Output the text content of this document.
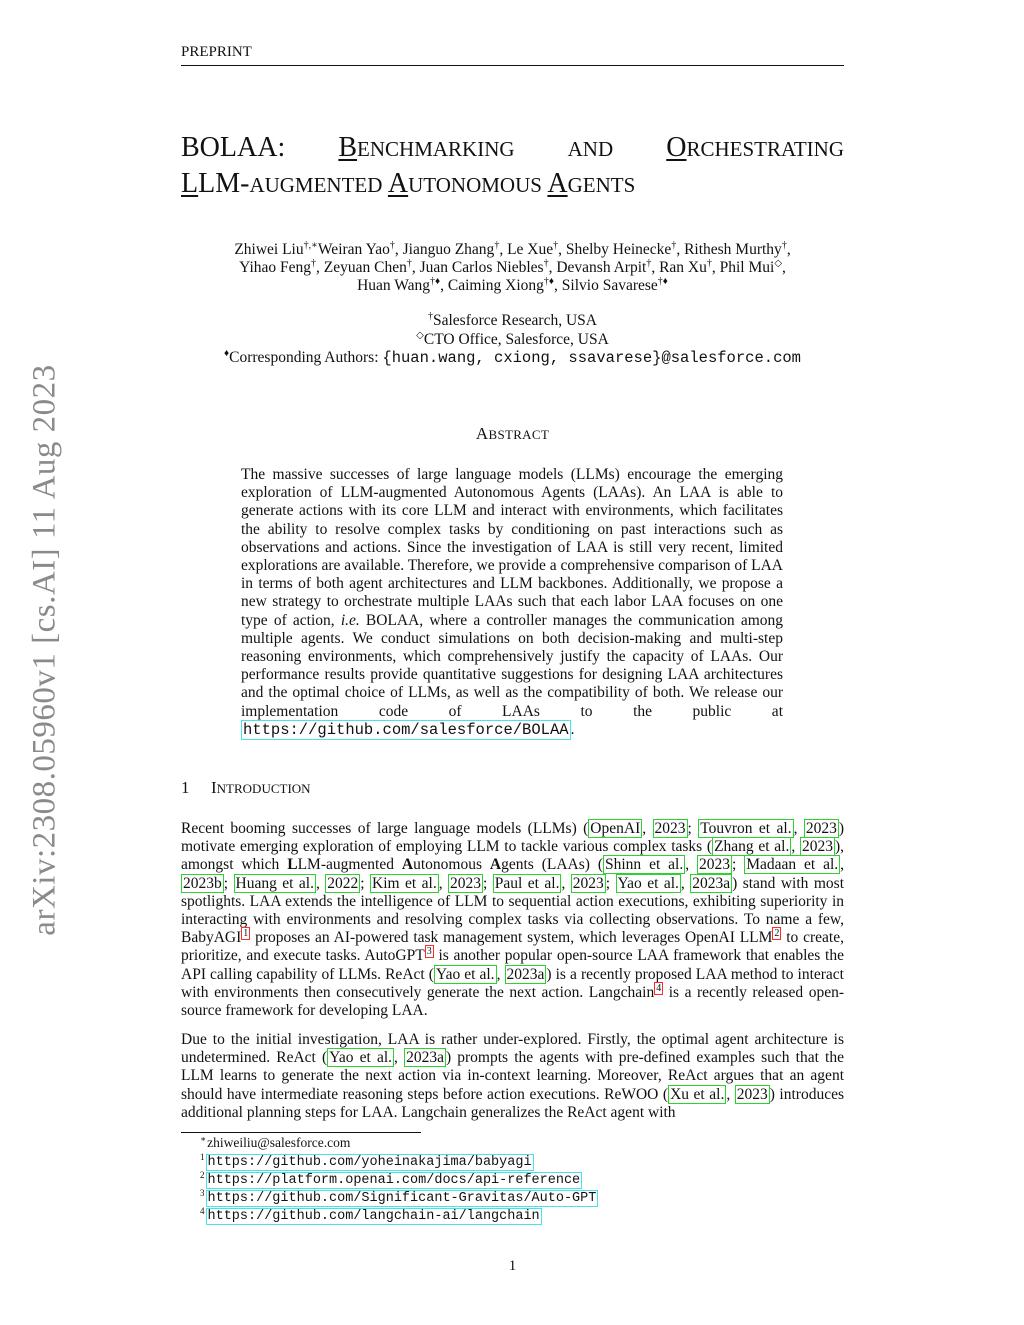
arXiv:2308.05960v1 [cs.AI] 11 Aug 2023
PREPRINT
BOLAA: BENCHMARKING	AND ORCHESTRATING
LLM-AUGMENTED AUTONOMOUS AGENTS
Zhiwei Liu†,∗Weiran Yao†, Jianguo Zhang†, Le Xue†, Shelby Heinecke†, Rithesh Murthy†,
Yihao Feng†, Zeyuan Chen†, Juan Carlos Niebles†, Devansh Arpit†, Ran Xu†, Phil Mui◇,
Huan Wang†♦, Caiming Xiong†♦, Silvio Savarese†♦
†Salesforce Research, USA
◇CTO Office, Salesforce, USA
♦Corresponding Authors: {huan.wang, cxiong, ssavarese}@salesforce.com
ABSTRACT
The massive successes of large language models (LLMs) encourage the emerging exploration of LLM-augmented Autonomous Agents (LAAs). An LAA is able to generate actions with its core LLM and interact with environments, which facilitates the ability to resolve complex tasks by conditioning on past interactions such as observations and actions. Since the investigation of LAA is still very recent, limited explorations are available. Therefore, we provide a comprehensive comparison of LAA in terms of both agent architectures and LLM backbones. Additionally, we propose a new strategy to orchestrate multiple LAAs such that each labor LAA focuses on one type of action, i.e. BOLAA, where a controller manages the communication among multiple agents. We conduct simulations on both decision-making and multi-step reasoning environments, which comprehensively justify the capacity of LAAs. Our performance results provide quantitative suggestions for designing LAA architectures and the optimal choice of LLMs, as well as the compatibility of both. We release our implementation code of LAAs to the public at https://github.com/salesforce/BOLAA .
1 INTRODUCTION
Recent booming successes of large language models (LLMs) ( OpenAI , 2023 ; Touvron et al. , 2023 ) motivate emerging exploration of employing LLM to tackle various complex tasks ( Zhang et al. , 2023 ), amongst which LLM-augmented Autonomous Agents (LAAs) ( Shinn et al. , 2023 ; Madaan et al. , 2023b ; Huang et al. , 2022 ; Kim et al. , 2023 ; Paul et al. , 2023 ; Yao et al. , 2023a ) stand with most spotlights. LAA extends the intelligence of LLM to sequential action executions, exhibiting superiority in interacting with environments and resolving complex tasks via collecting observations. To name a few, BabyAGI $^1$ proposes an AI-powered task management system, which leverages OpenAI LLM $^2$ to create, prioritize, and execute tasks. AutoGPT $^3$ is another popular open-source LAA framework that enables the API calling capability of LLMs. ReAct ( Yao et al. , 2023a ) is a recently proposed LAA method to interact with environments then consecutively generate the next action. Langchain $^4$ is a recently released open-source framework for developing LAA.
Due to the initial investigation, LAA is rather under-explored. Firstly, the optimal agent architecture is undetermined. ReAct ( Yao et al. , 2023a ) prompts the agents with pre-defined examples such that the LLM learns to generate the next action via in-context learning. Moreover, ReAct argues that an agent should have intermediate reasoning steps before action executions. ReWOO ( Xu et al. , 2023 ) introduces additional planning steps for LAA. Langchain generalizes the ReAct agent with
∗zhiweiliu@salesforce.com
$^1$ https://github.com/yoheinakajima/babyagi
$^2$ https://platform.openai.com/docs/api-reference
$^3$ https://github.com/Significant-Gravitas/Auto-GPT
$^4$ https://github.com/langchain-ai/langchain
1
